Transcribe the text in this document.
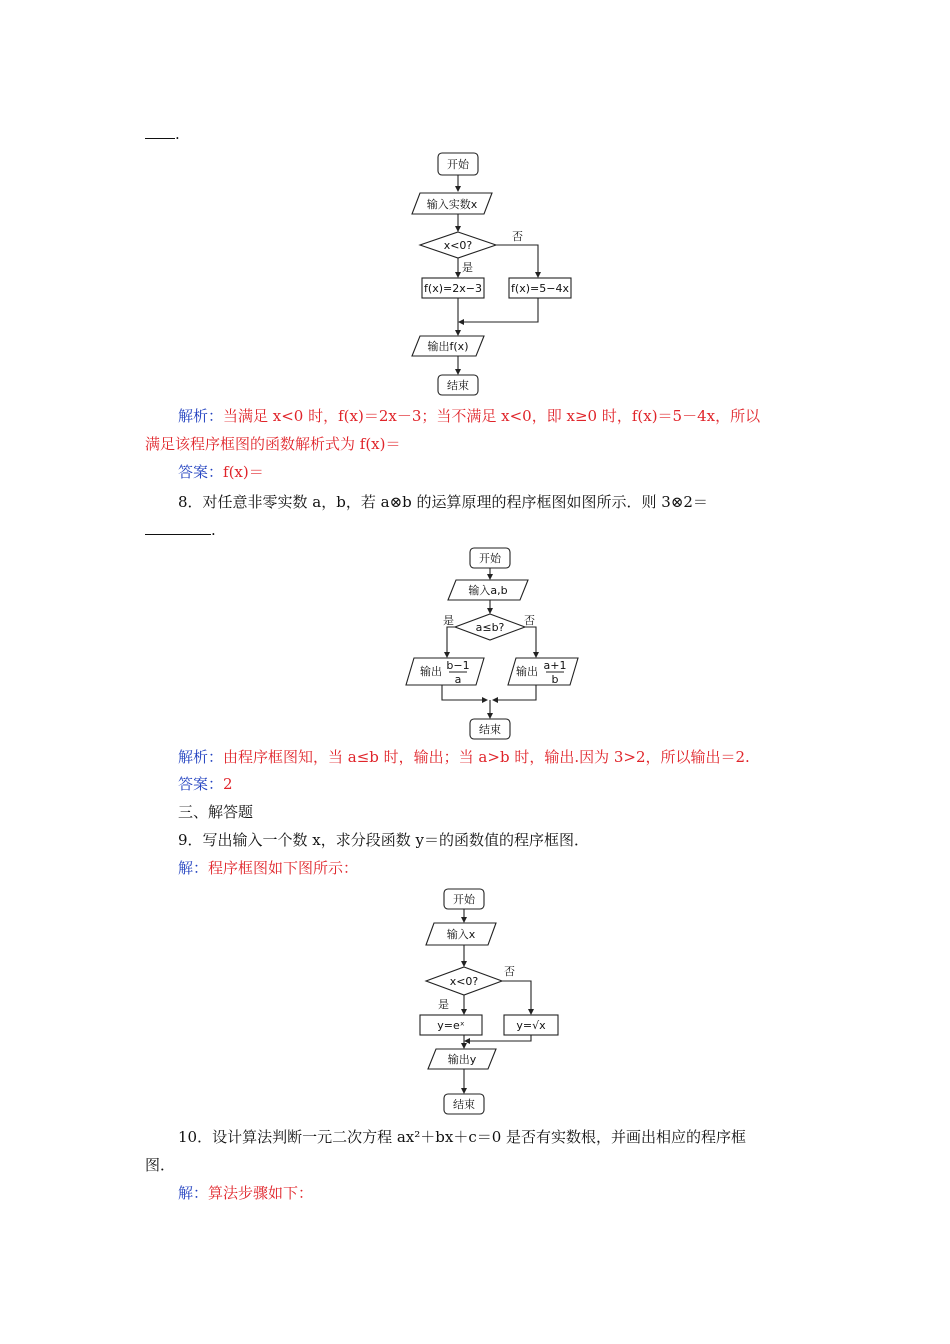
.
开始
输入实数x
x<0?
否
是
f(x)=2x−3	f(x)=5−4x
输出f(x)
结束
解析：当满足 x<0 时，f(x)＝2x－3；当不满足 x<0，即 x≥0 时，f(x)＝5－4x，所以
满足该程序框图的函数解析式为 f(x)＝
答案：f(x)＝
8．对任意非零实数 a，b，若 a⊗b 的运算原理的程序框图如图所示．则 3⊗2＝
.
开始
输入a,b
a≤b?
是	否
输出 b−1
a
输出 a+1
b
结束
解析：由程序框图知，当 a≤b 时，输出；当 a>b 时，输出.因为 3>2，所以输出＝2.
答案：2
三、解答题
9．写出输入一个数 x，求分段函数 y＝的函数值的程序框图．
解：程序框图如下图所示：
开始
输入x
x<0?
否
是
y=eˣ	y=√x
输出y
结束
10．设计算法判断一元二次方程 ax²＋bx＋c＝0 是否有实数根，并画出相应的程序框
图．
解：算法步骤如下：
